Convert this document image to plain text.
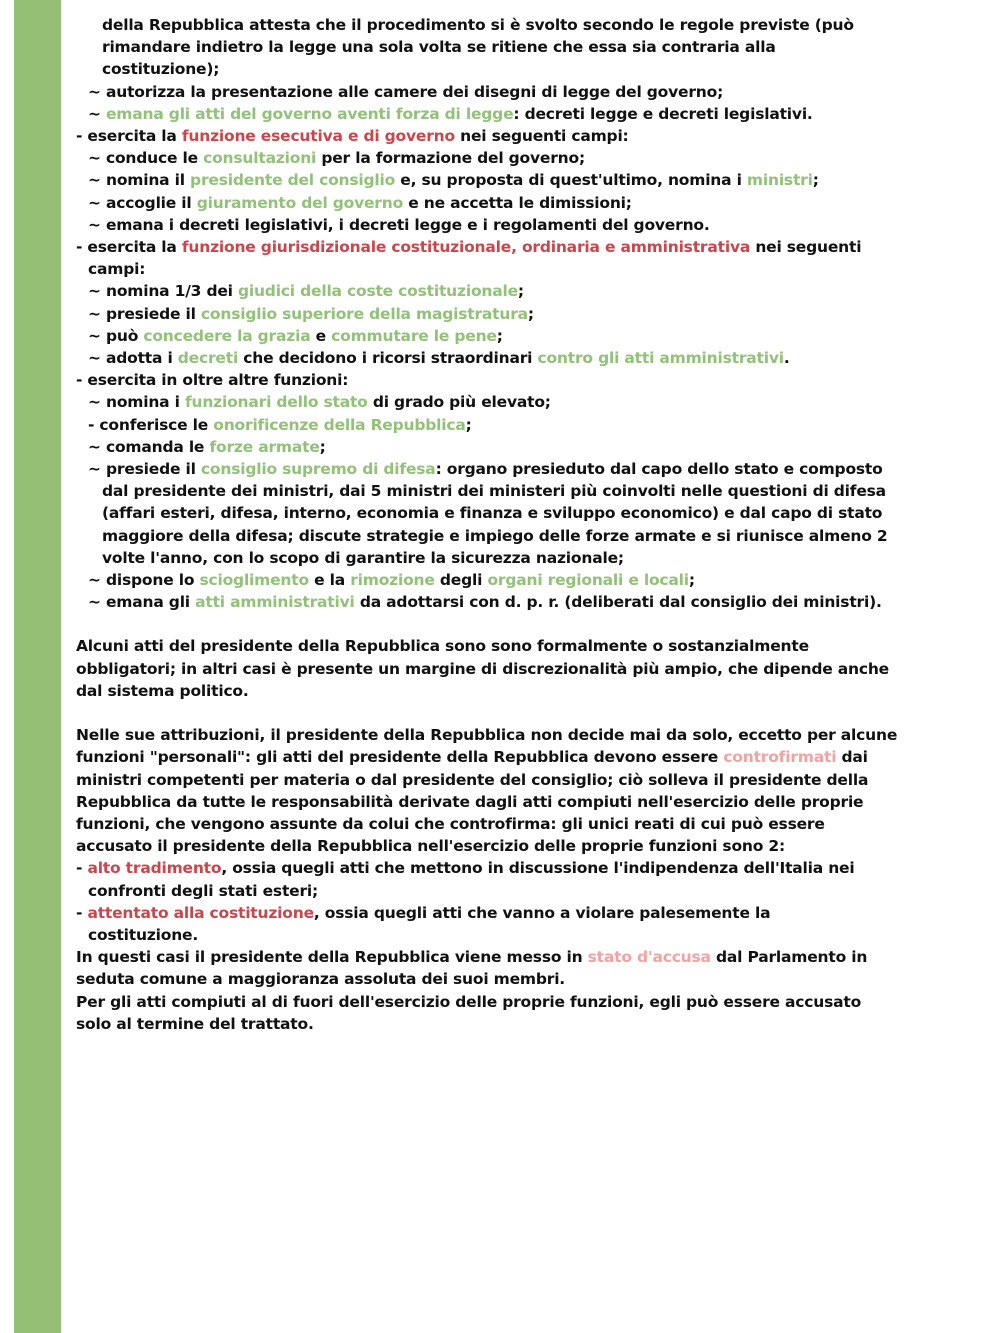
della Repubblica attesta che il procedimento si è svolto secondo le regole previste (può
rimandare indietro la legge una sola volta se ritiene che essa sia contraria alla
costituzione);
~ autorizza la presentazione alle camere dei disegni di legge del governo;
~ emana gli atti del governo aventi forza di legge: decreti legge e decreti legislativi.
- esercita la funzione esecutiva e di governo nei seguenti campi:
~ conduce le consultazioni per la formazione del governo;
~ nomina il presidente del consiglio e, su proposta di quest'ultimo, nomina i ministri;
~ accoglie il giuramento del governo e ne accetta le dimissioni;
~ emana i decreti legislativi, i decreti legge e i regolamenti del governo.
- esercita la funzione giurisdizionale costituzionale, ordinaria e amministrativa nei seguenti
campi:
~ nomina 1/3 dei giudici della coste costituzionale;
~ presiede il consiglio superiore della magistratura;
~ può concedere la grazia e commutare le pene;
~ adotta i decreti che decidono i ricorsi straordinari contro gli atti amministrativi.
- esercita in oltre altre funzioni:
~ nomina i funzionari dello stato di grado più elevato;
- conferisce le onorificenze della Repubblica;
~ comanda le forze armate;
~ presiede il consiglio supremo di difesa: organo presieduto dal capo dello stato e composto
dal presidente dei ministri, dai 5 ministri dei ministeri più coinvolti nelle questioni di difesa
(affari esteri, difesa, interno, economia e finanza e sviluppo economico) e dal capo di stato
maggiore della difesa; discute strategie e impiego delle forze armate e si riunisce almeno 2
volte l'anno, con lo scopo di garantire la sicurezza nazionale;
~ dispone lo scioglimento e la rimozione degli organi regionali e locali;
~ emana gli atti amministrativi da adottarsi con d. p. r. (deliberati dal consiglio dei ministri).
Alcuni atti del presidente della Repubblica sono sono formalmente o sostanzialmente
obbligatori; in altri casi è presente un margine di discrezionalità più ampio, che dipende anche
dal sistema politico.
Nelle sue attribuzioni, il presidente della Repubblica non decide mai da solo, eccetto per alcune
funzioni "personali": gli atti del presidente della Repubblica devono essere controfirmati dai
ministri competenti per materia o dal presidente del consiglio; ciò solleva il presidente della
Repubblica da tutte le responsabilità derivate dagli atti compiuti nell'esercizio delle proprie
funzioni, che vengono assunte da colui che controfirma: gli unici reati di cui può essere
accusato il presidente della Repubblica nell'esercizio delle proprie funzioni sono 2:
- alto tradimento, ossia quegli atti che mettono in discussione l'indipendenza dell'Italia nei
confronti degli stati esteri;
- attentato alla costituzione, ossia quegli atti che vanno a violare palesemente la
costituzione.
In questi casi il presidente della Repubblica viene messo in stato d'accusa dal Parlamento in
seduta comune a maggioranza assoluta dei suoi membri.
Per gli atti compiuti al di fuori dell'esercizio delle proprie funzioni, egli può essere accusato
solo al termine del trattato.
